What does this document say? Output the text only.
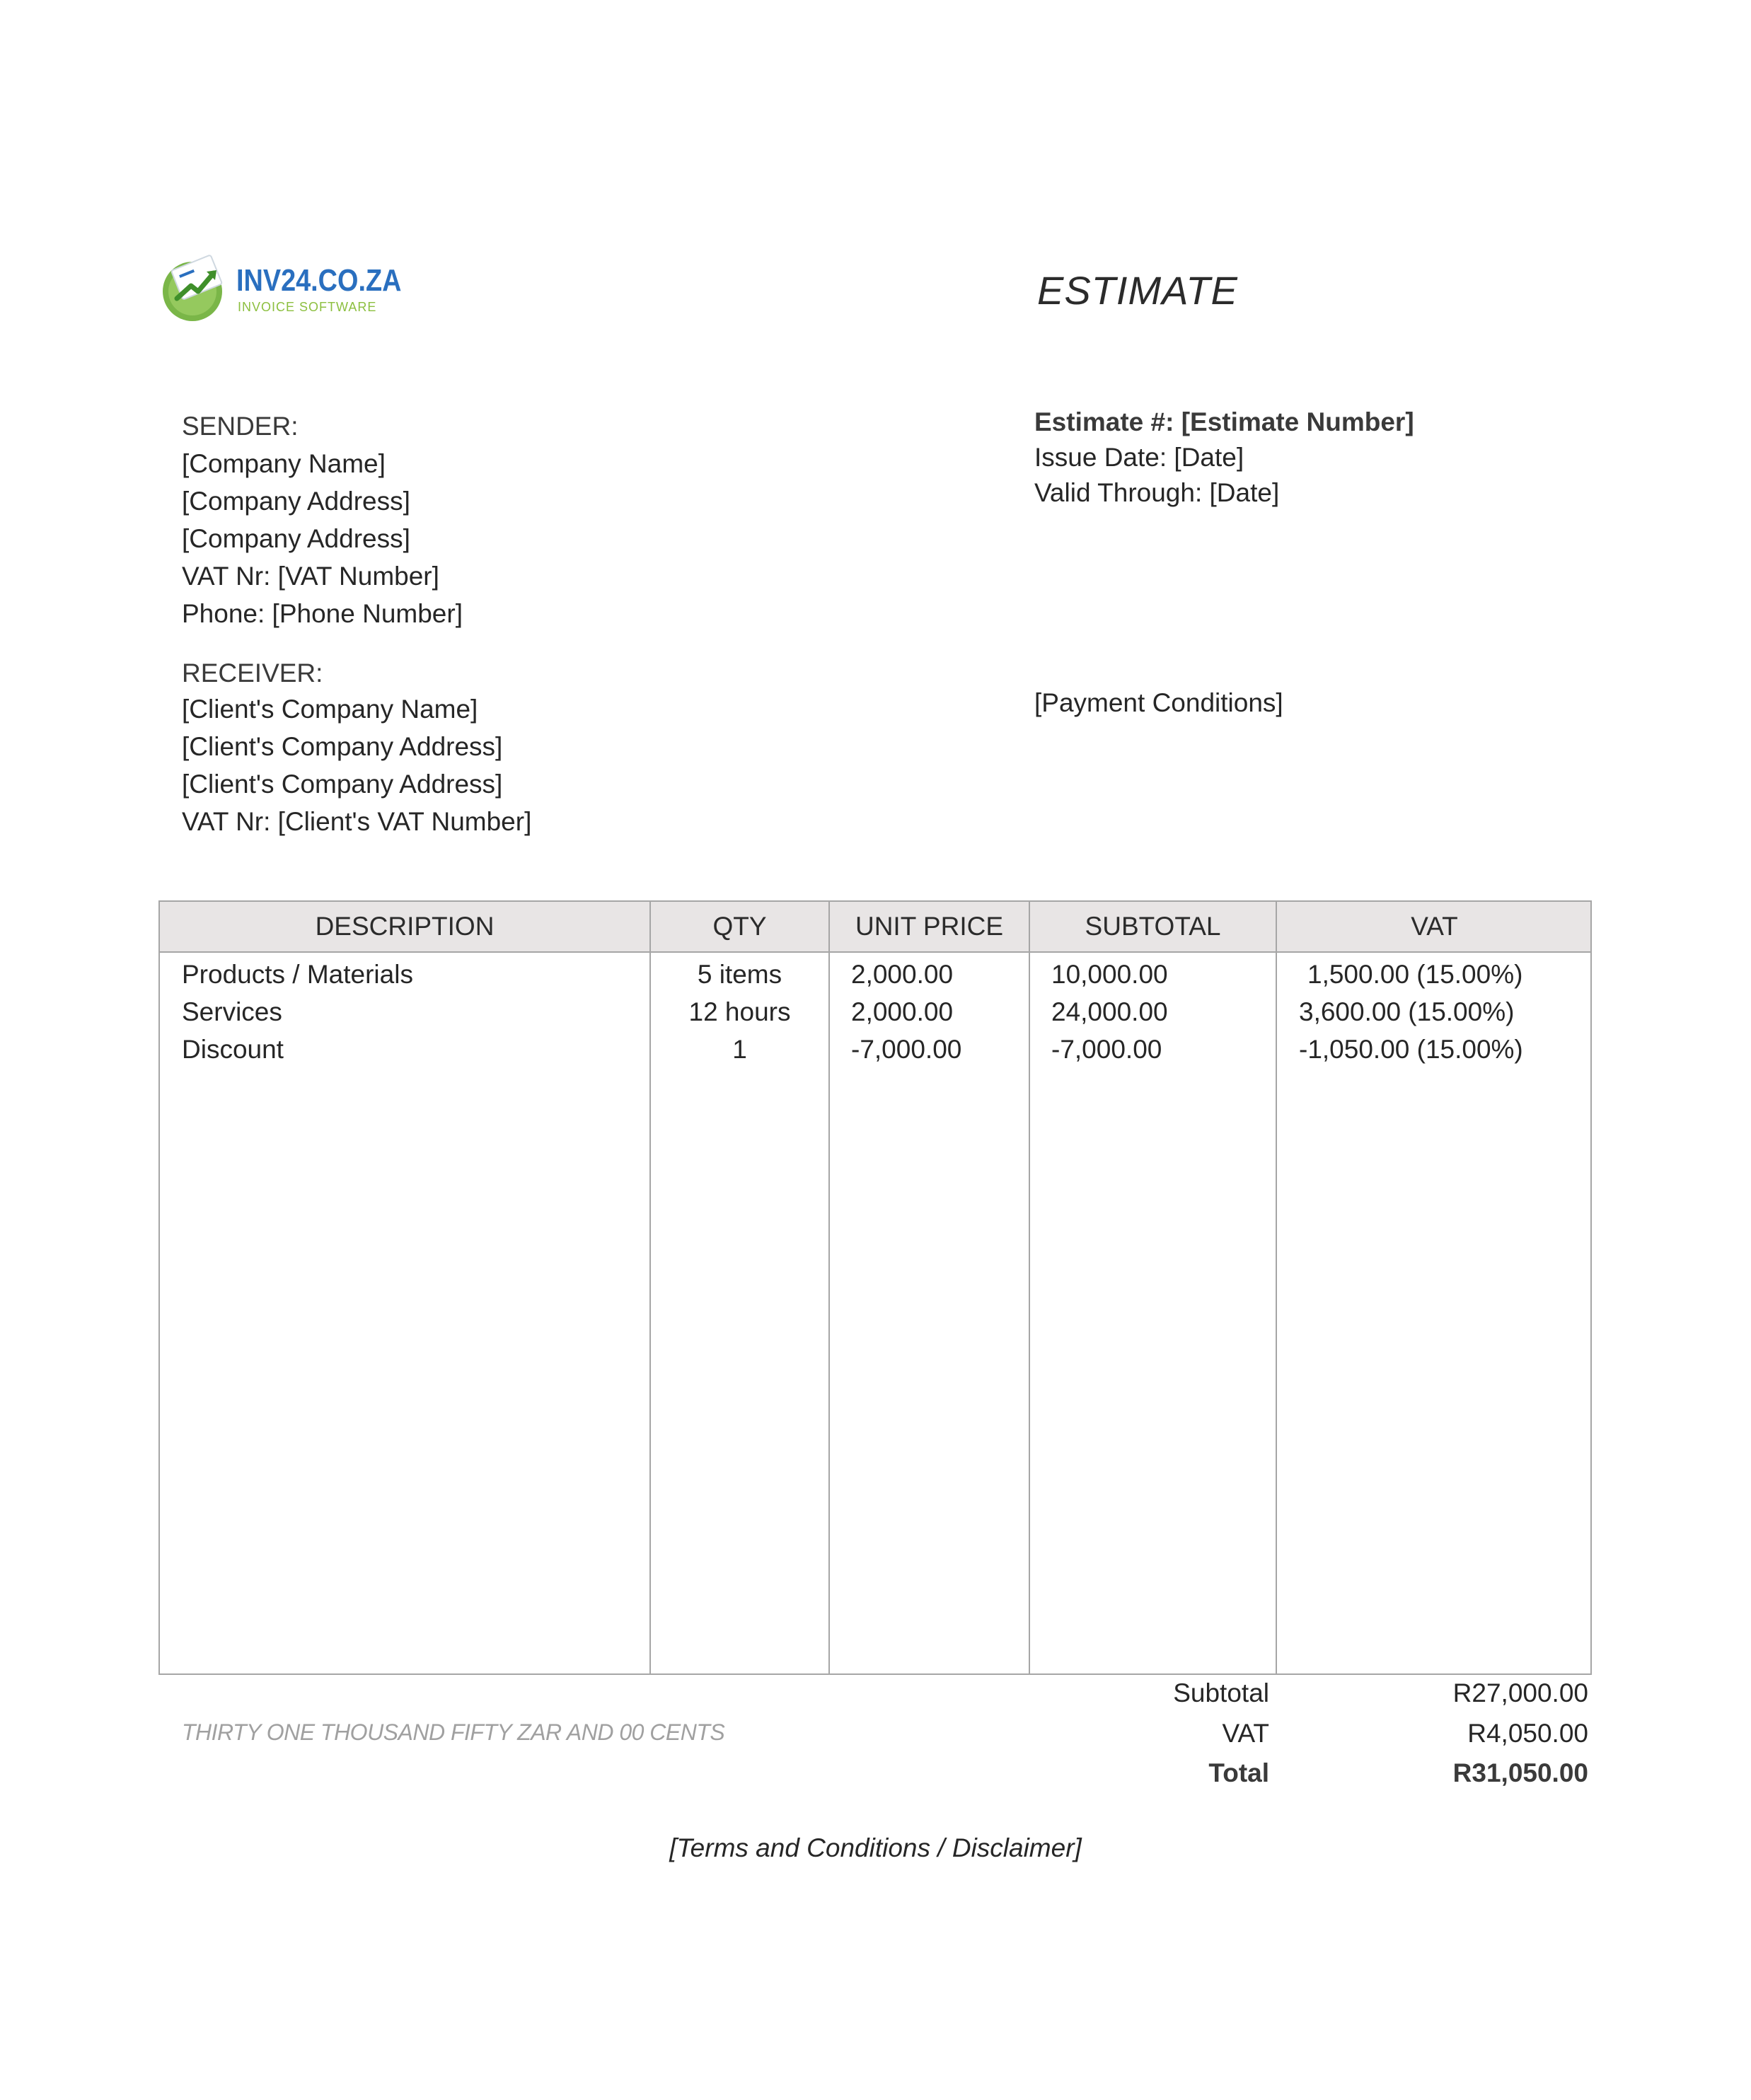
INV24.CO.ZA
INVOICE SOFTWARE	ESTIMATE
SENDER:
[Company Name]
[Company Address]
[Company Address]
VAT Nr: [VAT Number]
Phone: [Phone Number]
RECEIVER:
[Client's Company Name]
[Client's Company Address]
[Client's Company Address]
VAT Nr: [Client's VAT Number]
Estimate #: [Estimate Number]
Issue Date: [Date]
Valid Through: [Date]
[Payment Conditions]
DESCRIPTION	QTY	UNIT PRICE	SUBTOTAL	VAT
Products / Materials	5 items	2,000.00	10,000.00	1,500.00 (15.00%)
Services	12 hours	2,000.00	24,000.00	3,600.00 (15.00%)
Discount	1	-7,000.00	-7,000.00	-1,050.00 (15.00%)
Subtotal	R27,000.00
VAT	R4,050.00
Total	R31,050.00
THIRTY ONE THOUSAND FIFTY ZAR AND 00 CENTS
[Terms and Conditions / Disclaimer]
